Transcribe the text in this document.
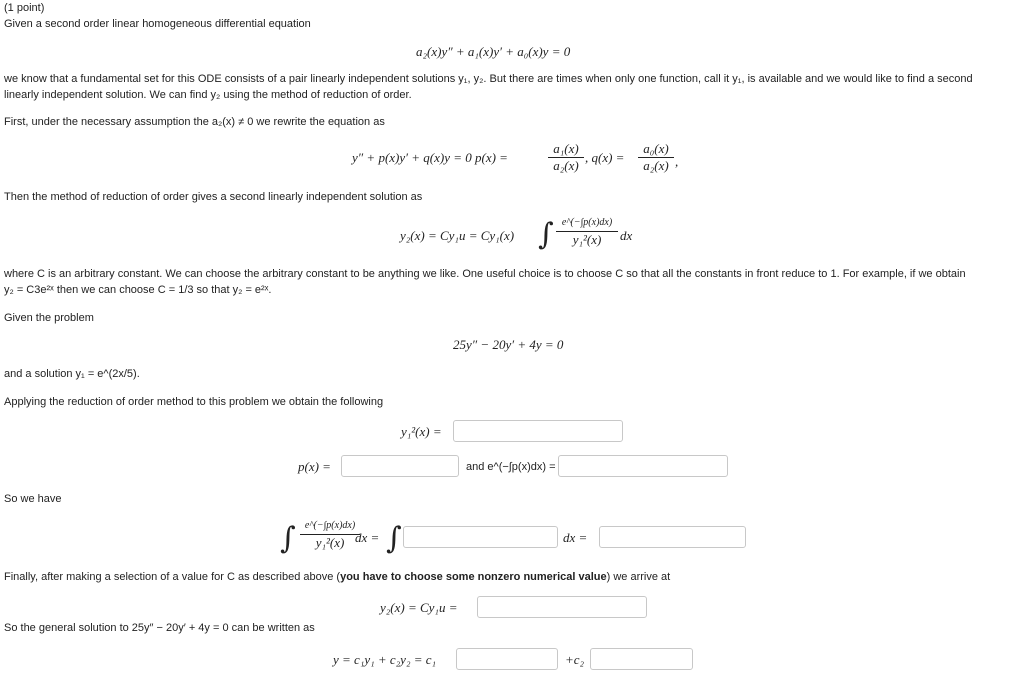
(1 point)
Given a second order linear homogeneous differential equation
a₂(x)y″ + a₁(x)y′ + a₀(x)y = 0
we know that a fundamental set for this ODE consists of a pair linearly independent solutions y₁, y₂. But there are times when only one function, call it y₁, is available and we would like to find a second
linearly independent solution. We can find y₂ using the method of reduction of order.
First, under the necessary assumption the a₂(x) ≠ 0 we rewrite the equation as
y″ + p(x)y′ + q(x)y = 0 p(x) =
a₁(x)
a₂(x)
, q(x) =
a₀(x)
a₂(x) ,
Then the method of reduction of order gives a second linearly independent solution as
y₂(x) = Cy₁u = Cy₁(x) ∫ e^(−∫p(x)dx)
y₁²(x)	dx
where C is an arbitrary constant. We can choose the arbitrary constant to be anything we like. One useful choice is to choose C so that all the constants in front reduce to 1. For example, if we obtain
y₂ = C3e²ˣ then we can choose C = 1/3 so that y₂ = e²ˣ.
Given the problem
25y″ − 20y′ + 4y = 0
and a solution y₁ = e^(2x/5).
Applying the reduction of order method to this problem we obtain the following
y₁²(x) =
p(x) =	and e^(−∫p(x)dx) =
So we have
∫ e^(−∫p(x)dx)
y₁²(x) dx = ∫	dx =
Finally, after making a selection of a value for C as described above (you have to choose some nonzero numerical value) we arrive at
y₂(x) = Cy₁u =
So the general solution to 25y″ − 20y′ + 4y = 0 can be written as
y = c₁y₁ + c₂y₂ = c₁	+c₂
